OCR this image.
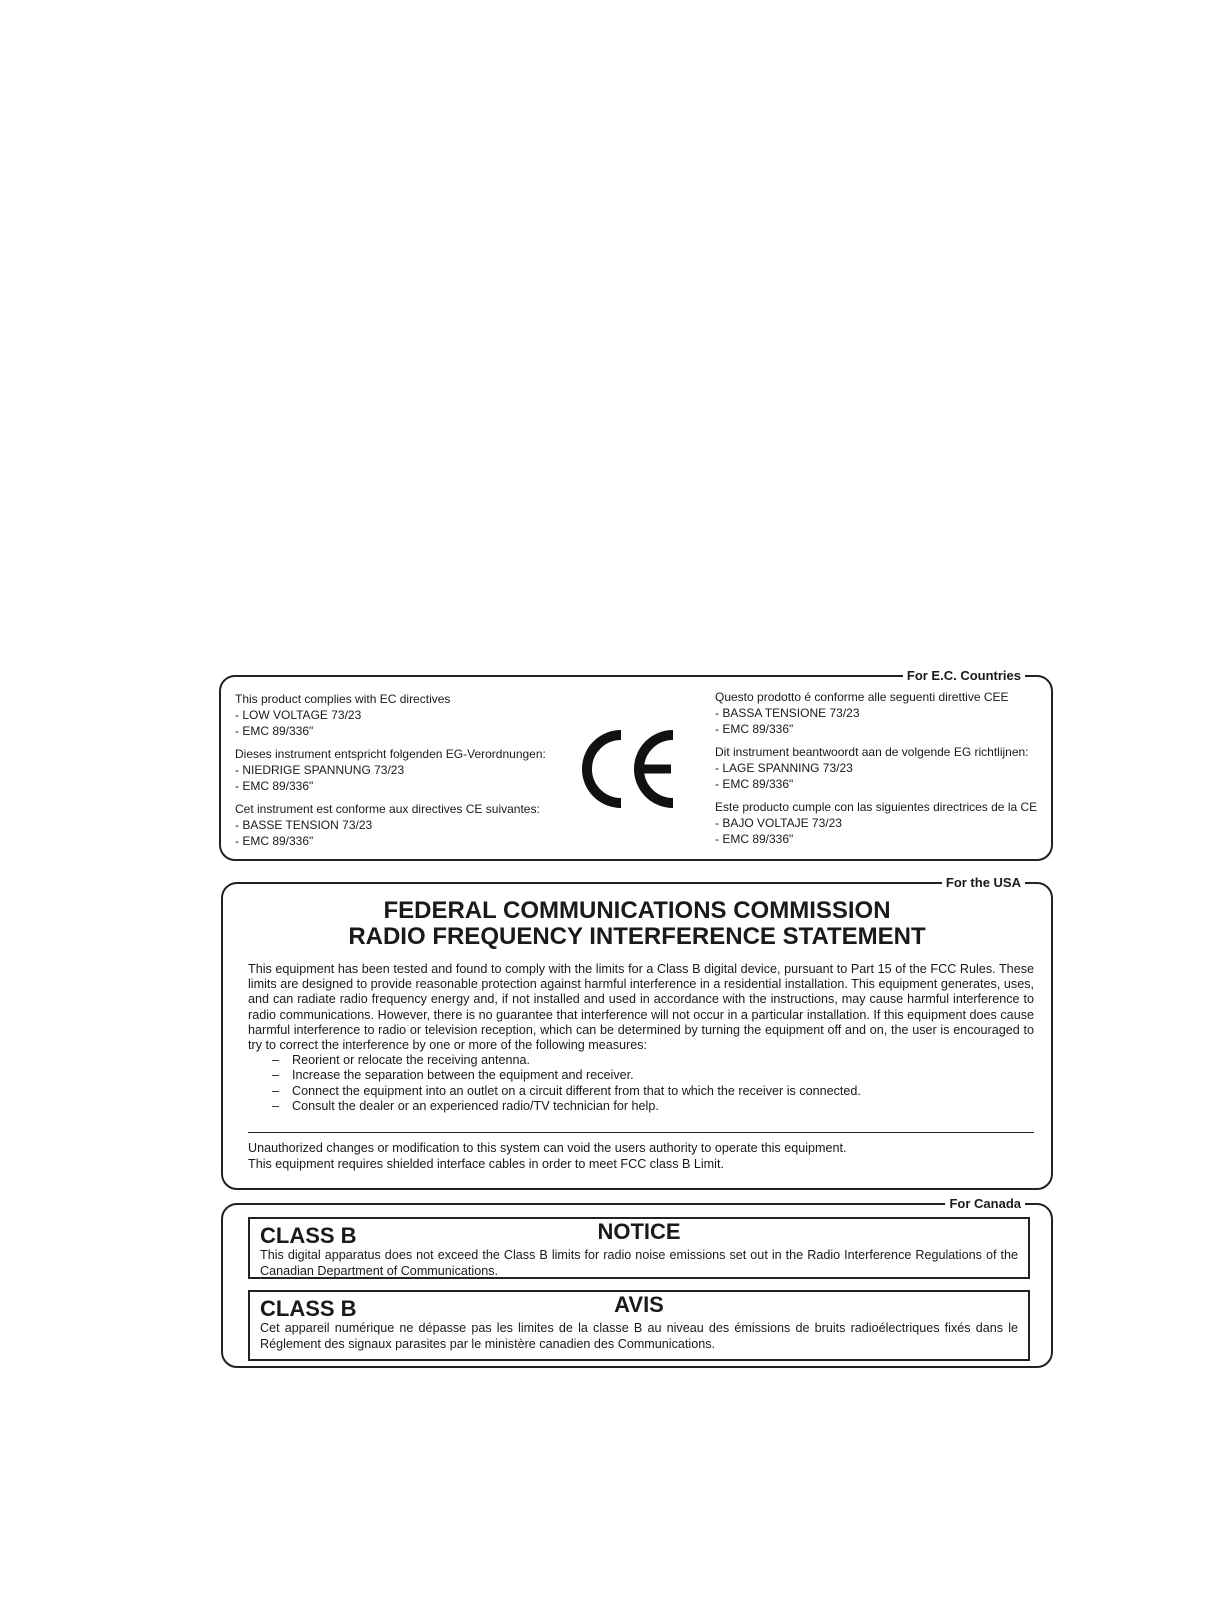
For E.C. Countries
This product complies with EC directives
- LOW VOLTAGE 73/23
- EMC 89/336"
Dieses instrument entspricht folgenden EG-Verordnungen:
- NIEDRIGE SPANNUNG 73/23
- EMC 89/336"
Cet instrument est conforme aux directives CE suivantes:
- BASSE TENSION 73/23
- EMC 89/336"
Questo prodotto é conforme alle seguenti direttive CEE
- BASSA TENSIONE 73/23
- EMC 89/336"
Dit instrument beantwoordt aan de volgende EG richtlijnen:
- LAGE SPANNING 73/23
- EMC 89/336"
Este producto cumple con las siguientes directrices de la CE
- BAJO VOLTAJE 73/23
- EMC 89/336"
For the USA
FEDERAL COMMUNICATIONS COMMISSION
RADIO FREQUENCY INTERFERENCE STATEMENT
This equipment has been tested and found to comply with the limits for a Class B digital device, pursuant to Part 15 of the FCC Rules. These limits are designed to provide reasonable protection against harmful interference in a residential installation. This equipment generates, uses, and can radiate radio frequency energy and, if not installed and used in accordance with the instructions, may cause harmful interference to radio communications. However, there is no guarantee that interference will not occur in a particular installation. If this equipment does cause harmful interference to radio or television reception, which can be determined by turning the equipment off and on, the user is encouraged to try to correct the interference by one or more of the following measures:
– Reorient or relocate the receiving antenna.
– Increase the separation between the equipment and receiver.
– Connect the equipment into an outlet on a circuit different from that to which the receiver is connected.
– Consult the dealer or an experienced radio/TV technician for help.
Unauthorized changes or modification to this system can void the users authority to operate this equipment.
This equipment requires shielded interface cables in order to meet FCC class B Limit.
For Canada
NOTICE
CLASS B
This digital apparatus does not exceed the Class B limits for radio noise emissions set out in the Radio Interference Regulations of the Canadian Department of Communications.
AVIS
CLASS B
Cet appareil numérique ne dépasse pas les limites de la classe B au niveau des émissions de bruits radioélectriques fixés dans le Réglement des signaux parasites par le ministère canadien des Communications.
